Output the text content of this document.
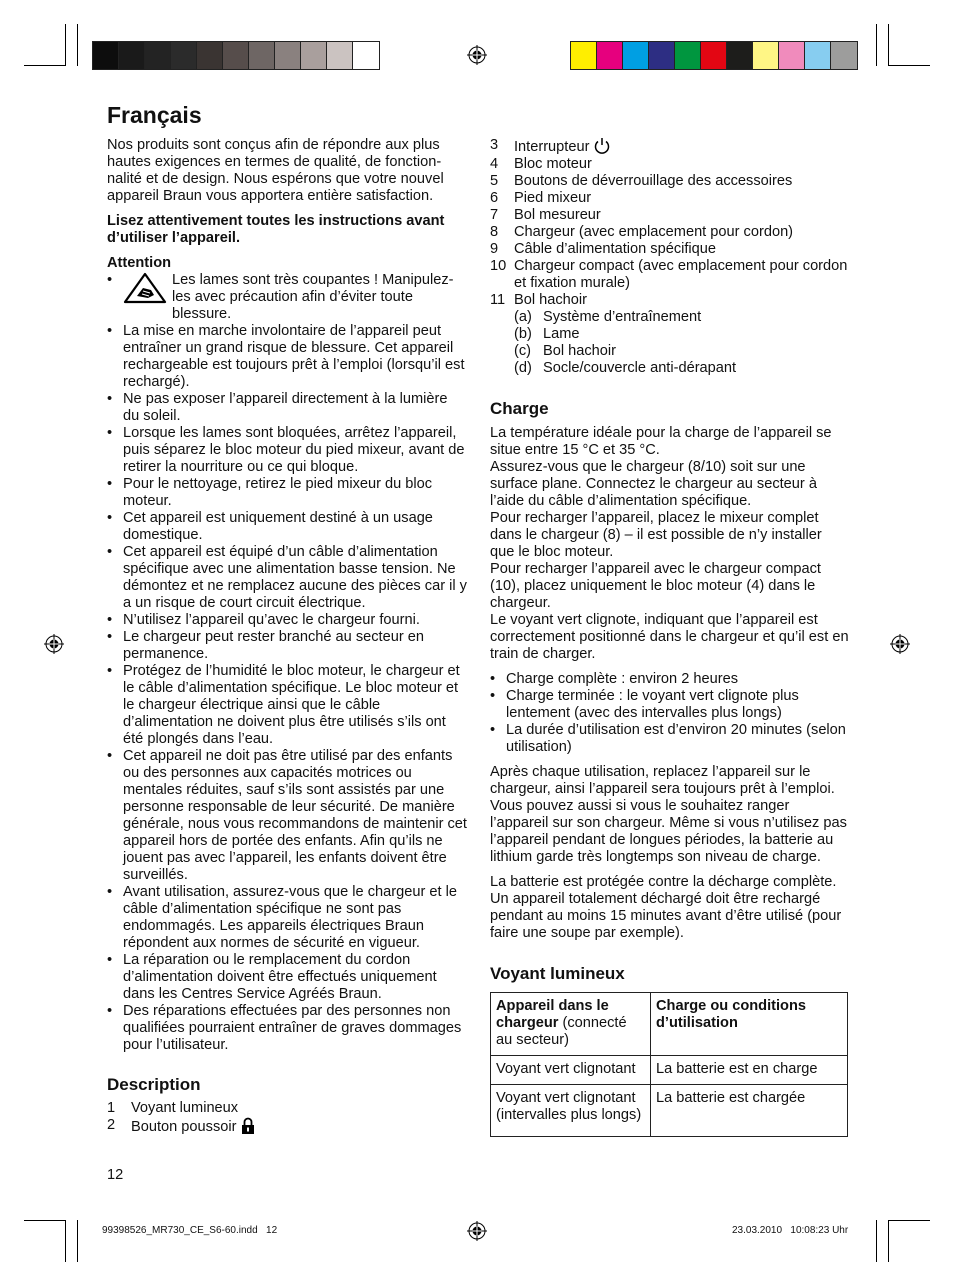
Français

Nos produits sont conçus afin de répondre aux plus hautes exigences en termes de qualité, de fonction-nalité et de design. Nous espérons que votre nouvel appareil Braun vous apportera entière satisfaction.

Lisez attentivement toutes les instructions avant d’utiliser l’appareil.

Attention

•	Les lames sont très coupantes ! Manipulez-les avec précaution afin d’éviter toute blessure.
• La mise en marche involontaire de l’appareil peut entraîner un grand risque de blessure. Cet appareil rechargeable est toujours prêt à l’emploi (lorsqu’il est rechargé).
• Ne pas exposer l’appareil directement à la lumière du soleil.
• Lorsque les lames sont bloquées, arrêtez l’appareil, puis séparez le bloc moteur du pied mixeur, avant de retirer la nourriture ou ce qui bloque.
• Pour le nettoyage, retirez le pied mixeur du bloc moteur.
• Cet appareil est uniquement destiné à un usage domestique.
• Cet appareil est équipé d’un câble d’alimentation spécifique avec une alimentation basse tension. Ne démontez et ne remplacez aucune des pièces car il y a un risque de court circuit électrique.
• N’utilisez l’appareil qu’avec le chargeur fourni.
• Le chargeur peut rester branché au secteur en permanence.
• Protégez de l’humidité le bloc moteur, le chargeur et le câble d’alimentation spécifique. Le bloc moteur et le chargeur électrique ainsi que le câble d’alimentation ne doivent plus être utilisés s’ils ont été plongés dans l’eau.
• Cet appareil ne doit pas être utilisé par des enfants ou des personnes aux capacités motrices ou mentales réduites, sauf s’ils sont assistés par une personne responsable de leur sécurité. De manière générale, nous vous recommandons de maintenir cet appareil hors de portée des enfants. Afin qu’ils ne jouent pas avec l’appareil, les enfants doivent être surveillés.
• Avant utilisation, assurez-vous que le chargeur et le câble d’alimentation spécifique ne sont pas endommagés. Les appareils électriques Braun répondent aux normes de sécurité en vigueur.
• La réparation ou le remplacement du cordon d’alimentation doivent être effectués uniquement dans les Centres Service Agréés Braun.
• Des réparations effectuées par des personnes non qualifiées pourraient entraîner de graves dommages pour l’utilisateur.
Description
1 Voyant lumineux
2 Bouton poussoir
12
3 Interrupteur
4 Bloc moteur
5 Boutons de déverrouillage des accessoires
6 Pied mixeur
7 Bol mesureur
8 Chargeur (avec emplacement pour cordon)
9 Câble d’alimentation spécifique
10 Chargeur compact (avec emplacement pour cordon et fixation murale)
11 Bol hachoir
(a) Système d’entraînement
(b) Lame
(c) Bol hachoir
(d) Socle/couvercle anti-dérapant
Charge

La température idéale pour la charge de l’appareil se situe entre 15 °C et 35 °C.
Assurez-vous que le chargeur (8/10) soit sur une surface plane. Connectez le chargeur au secteur à l’aide du câble d’alimentation spécifique.
Pour recharger l’appareil, placez le mixeur complet dans le chargeur (8) – il est possible de n’y installer que le bloc moteur.
Pour recharger l’appareil avec le chargeur compact (10), placez uniquement le bloc moteur (4) dans le chargeur.
Le voyant vert clignote, indiquant que l’appareil est correctement positionné dans le chargeur et qu’il est en train de charger.

• Charge complète : environ 2 heures
• Charge terminée : le voyant vert clignote plus lentement (avec des intervalles plus longs)
• La durée d’utilisation est d’environ 20 minutes (selon utilisation)

Après chaque utilisation, replacez l’appareil sur le chargeur, ainsi l’appareil sera toujours prêt à l’emploi. Vous pouvez aussi si vous le souhaitez ranger l’appareil sur son chargeur. Même si vous n’utilisez pas l’appareil pendant de longues périodes, la batterie au lithium garde très longtemps son niveau de charge.

La batterie est protégée contre la décharge complète. Un appareil totalement déchargé doit être rechargé pendant au moins 15 minutes avant d’être utilisé (pour faire une soupe par exemple).

Voyant lumineux
Appareil dans le chargeur (connecté au secteur)	Charge ou conditions d’utilisation
Voyant vert clignotant	La batterie est en charge
Voyant vert clignotant (intervalles plus longs)	La batterie est chargée
99398526_MR730_CE_S6-60.indd   12	23.03.2010   10:08:23 Uhr
